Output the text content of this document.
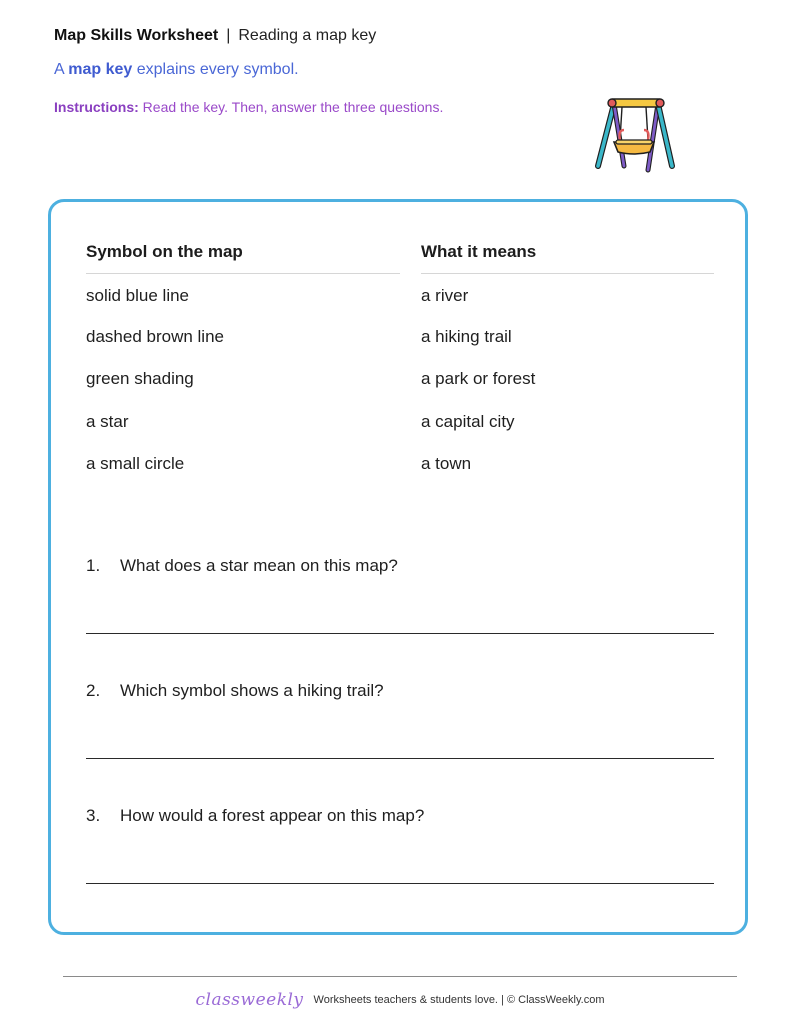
Map Skills Worksheet | Reading a map key
A map key explains every symbol.
Instructions: Read the key. Then, answer the three questions.
Symbol on the map
solid blue line
dashed brown line
green shading
a star
a small circle
What it means
a river
a hiking trail
a park or forest
a capital city
a town
1. What does a star mean on this map?
2. Which symbol shows a hiking trail?
3. How would a forest appear on this map?
classweekly Worksheets teachers & students love. | © ClassWeekly.com
